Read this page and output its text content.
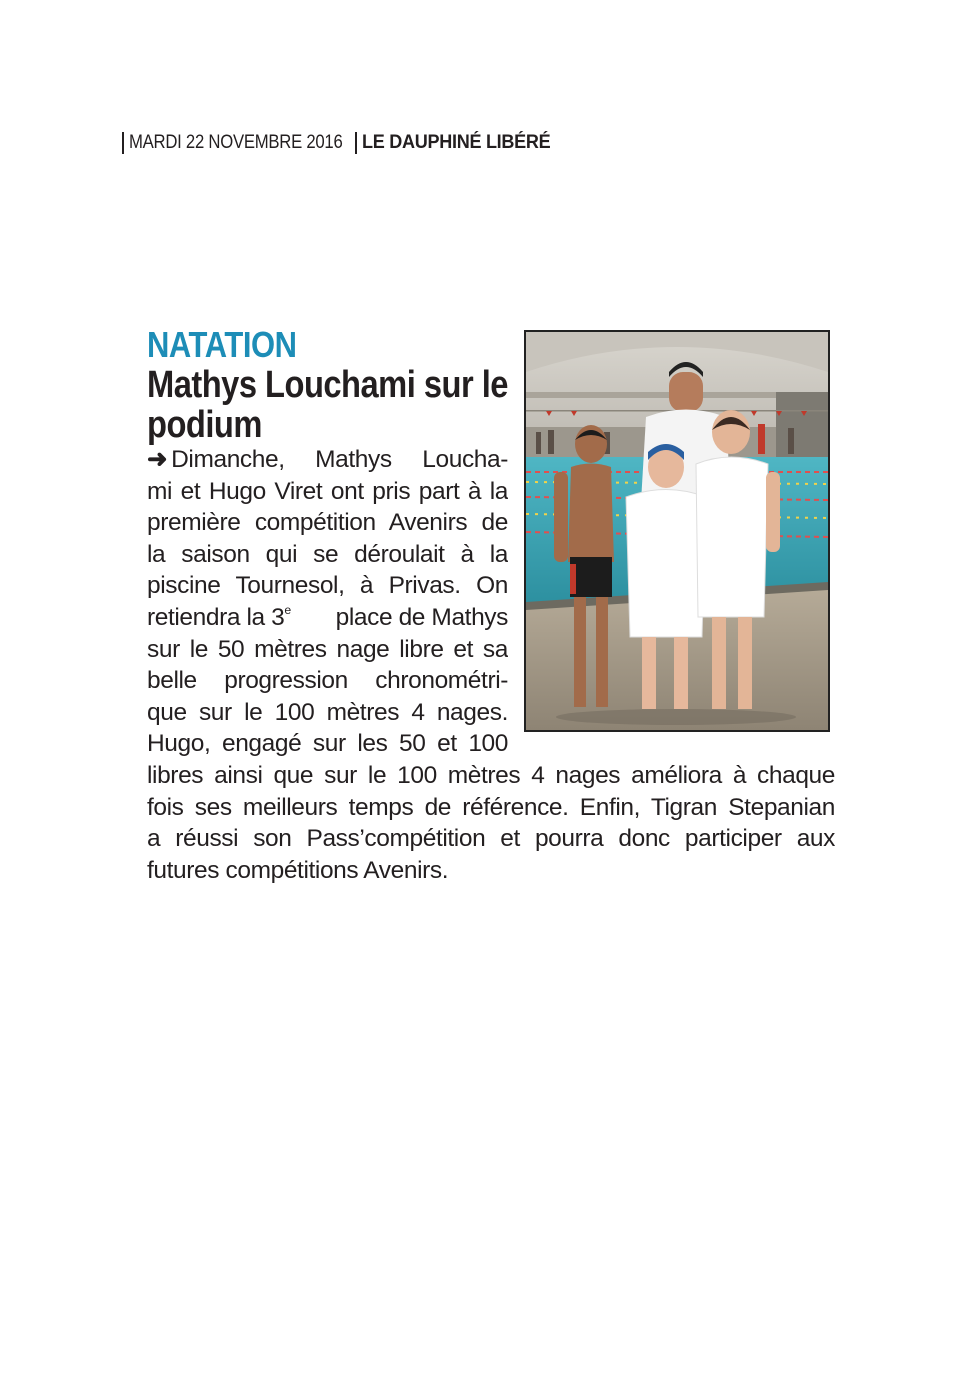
MARDI 22 NOVEMBRE 2016 LE DAUPHINÉ LIBÉRÉ
NATATION
Mathys Louchami sur le podium
➜ Dimanche, Mathys Loucha-
mi et Hugo Viret ont pris part à la
première compétition Avenirs de
la saison qui se déroulait à la
piscine Tournesol, à Privas. On
retiendra la 3e place de Mathys
sur le 50 mètres nage libre et sa
belle progression chronométri-
que sur le 100 mètres 4 nages.
Hugo, engagé sur les 50 et 100
libres ainsi que sur le 100 mètres 4 nages améliora à chaque
fois ses meilleurs temps de référence. Enfin, Tigran Stepanian
a réussi son Pass’compétition et pourra donc participer aux
futures compétitions Avenirs.
